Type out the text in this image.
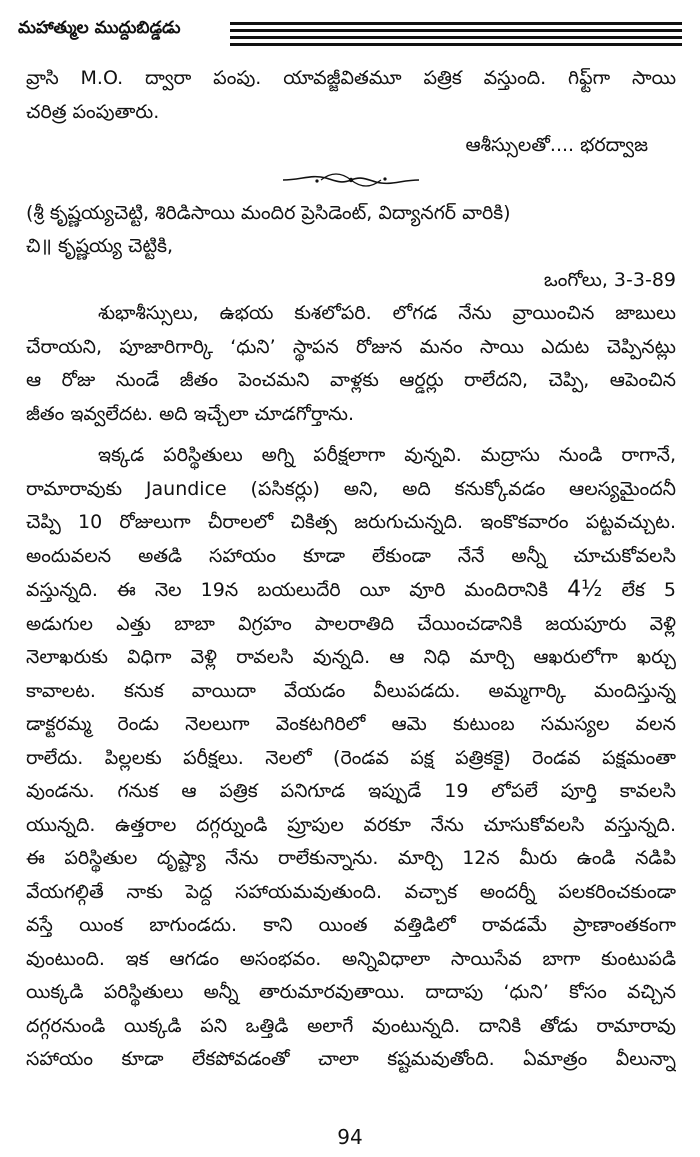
మహాత్ముల ముద్దుబిడ్డడు
వ్రాసి M.O. ద్వారా పంపు. యావజ్జీవితమూ పత్రిక వస్తుంది. గిఫ్ట్‌గా సాయి
చరిత్ర పంపుతారు.
ఆశీస్సులతో.... భరద్వాజ
(శ్రీ కృష్ణయ్యచెట్టి, శిరిడిసాయి మందిర ప్రెసిడెంట్, విద్యానగర్ వారికి)
చి॥ కృష్ణయ్య చెట్టికి,
ఒంగోలు, 3-3-89
శుభాశీస్సులు, ఉభయ కుశలోపరి. లోగడ నేను వ్రాయించిన జాబులు
చేరాయని, పూజారిగార్కి ‘ధుని’ స్థాపన రోజున మనం సాయి ఎదుట చెప్పినట్లు
ఆ రోజు నుండే జీతం పెంచమని వాళ్లకు ఆర్డర్లు రాలేదని, చెప్పి, ఆపెంచిన
జీతం ఇవ్వలేదట. అది ఇచ్చేలా చూడగోర్తాను.
ఇక్కడ పరిస్థితులు అగ్ని పరీక్షలాగా వున్నవి. మద్రాసు నుండి రాగానే,
రామారావుకు Jaundice (పసికర్లు) అని, అది కనుక్కోవడం ఆలస్యమైందనీ
చెప్పి 10 రోజులుగా చీరాలలో చికిత్స జరుగుచున్నది. ఇంకొకవారం పట్టవచ్చుట.
అందువలన అతడి సహాయం కూడా లేకుండా నేనే అన్నీ చూచుకోవలసి
వస్తున్నది. ఈ నెల 19న బయలుదేరి యీ వూరి మందిరానికి 4½ లేక 5
అడుగుల ఎత్తు బాబా విగ్రహం పాలరాతిది చేయించడానికి జయపూరు వెళ్లి
నెలాఖరుకు విధిగా వెళ్లి రావలసి వున్నది. ఆ నిధి మార్చి ఆఖరులోగా ఖర్చు
కావాలట. కనుక వాయిదా వేయడం వీలుపడదు. అమ్మగార్కి మందిస్తున్న
డాక్టరమ్మ రెండు నెలలుగా వెంకటగిరిలో ఆమె కుటుంబ సమస్యల వలన
రాలేదు. పిల్లలకు పరీక్షలు. నెలలో (రెండవ పక్ష పత్రికకై) రెండవ పక్షమంతా
వుండను. గనుక ఆ పత్రిక పనిగూడ ఇప్పుడే 19 లోపలే పూర్తి కావలసి
యున్నది. ఉత్తరాల దగ్గర్నుండి ప్రూపుల వరకూ నేను చూసుకోవలసి వస్తున్నది.
ఈ పరిస్థితుల దృష్ట్యా నేను రాలేకున్నాను. మార్చి 12న మీరు ఉండి నడిపి
వేయగల్గితే నాకు పెద్ద సహాయమవుతుంది. వచ్చాక అందర్నీ పలకరించకుండా
వస్తే యింక బాగుండదు. కాని యింత వత్తిడిలో రావడమే ప్రాణాంతకంగా
వుంటుంది. ఇక ఆగడం అసంభవం. అన్నివిధాలా సాయిసేవ బాగా కుంటుపడి
యిక్కడి పరిస్థితులు అన్నీ తారుమారవుతాయి. దాదాపు ‘ధుని’ కోసం వచ్చిన
దగ్గరనుండి యిక్కడి పని ఒత్తిడి అలాగే వుంటున్నది. దానికి తోడు రామారావు
సహాయం కూడా లేకపోవడంతో చాలా కష్టమవుతోంది. ఏమాత్రం వీలున్నా
94
